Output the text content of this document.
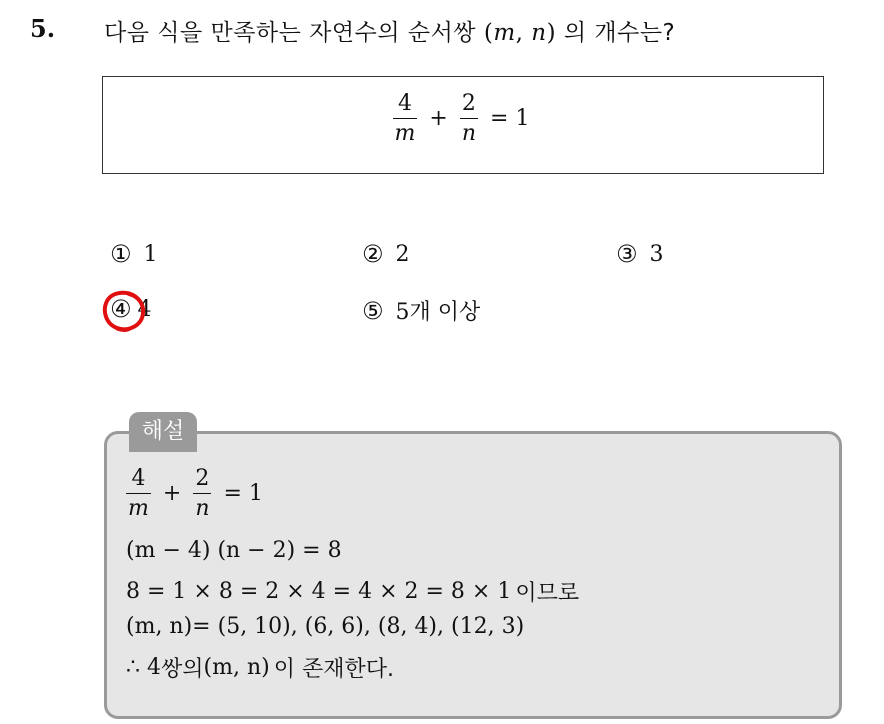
5. 다음 식을 만족하는 자연수의 순서쌍 (m, n) 의 개수는?
$\frac{4}{m} + \frac{2}{n} = 1$
① 1	② 2	③ 3
④ 4	⑤ 5개 이상
해설
$\frac{4}{m} + \frac{2}{n} = 1$
(m − 4) (n − 2) = 8
8 = 1 × 8 = 2 × 4 = 4 × 2 = 8 × 1 이므로
(m, n)= (5, 10), (6, 6), (8, 4), (12, 3)
∴ 4 쌍의 (m, n) 이 존재한다.
